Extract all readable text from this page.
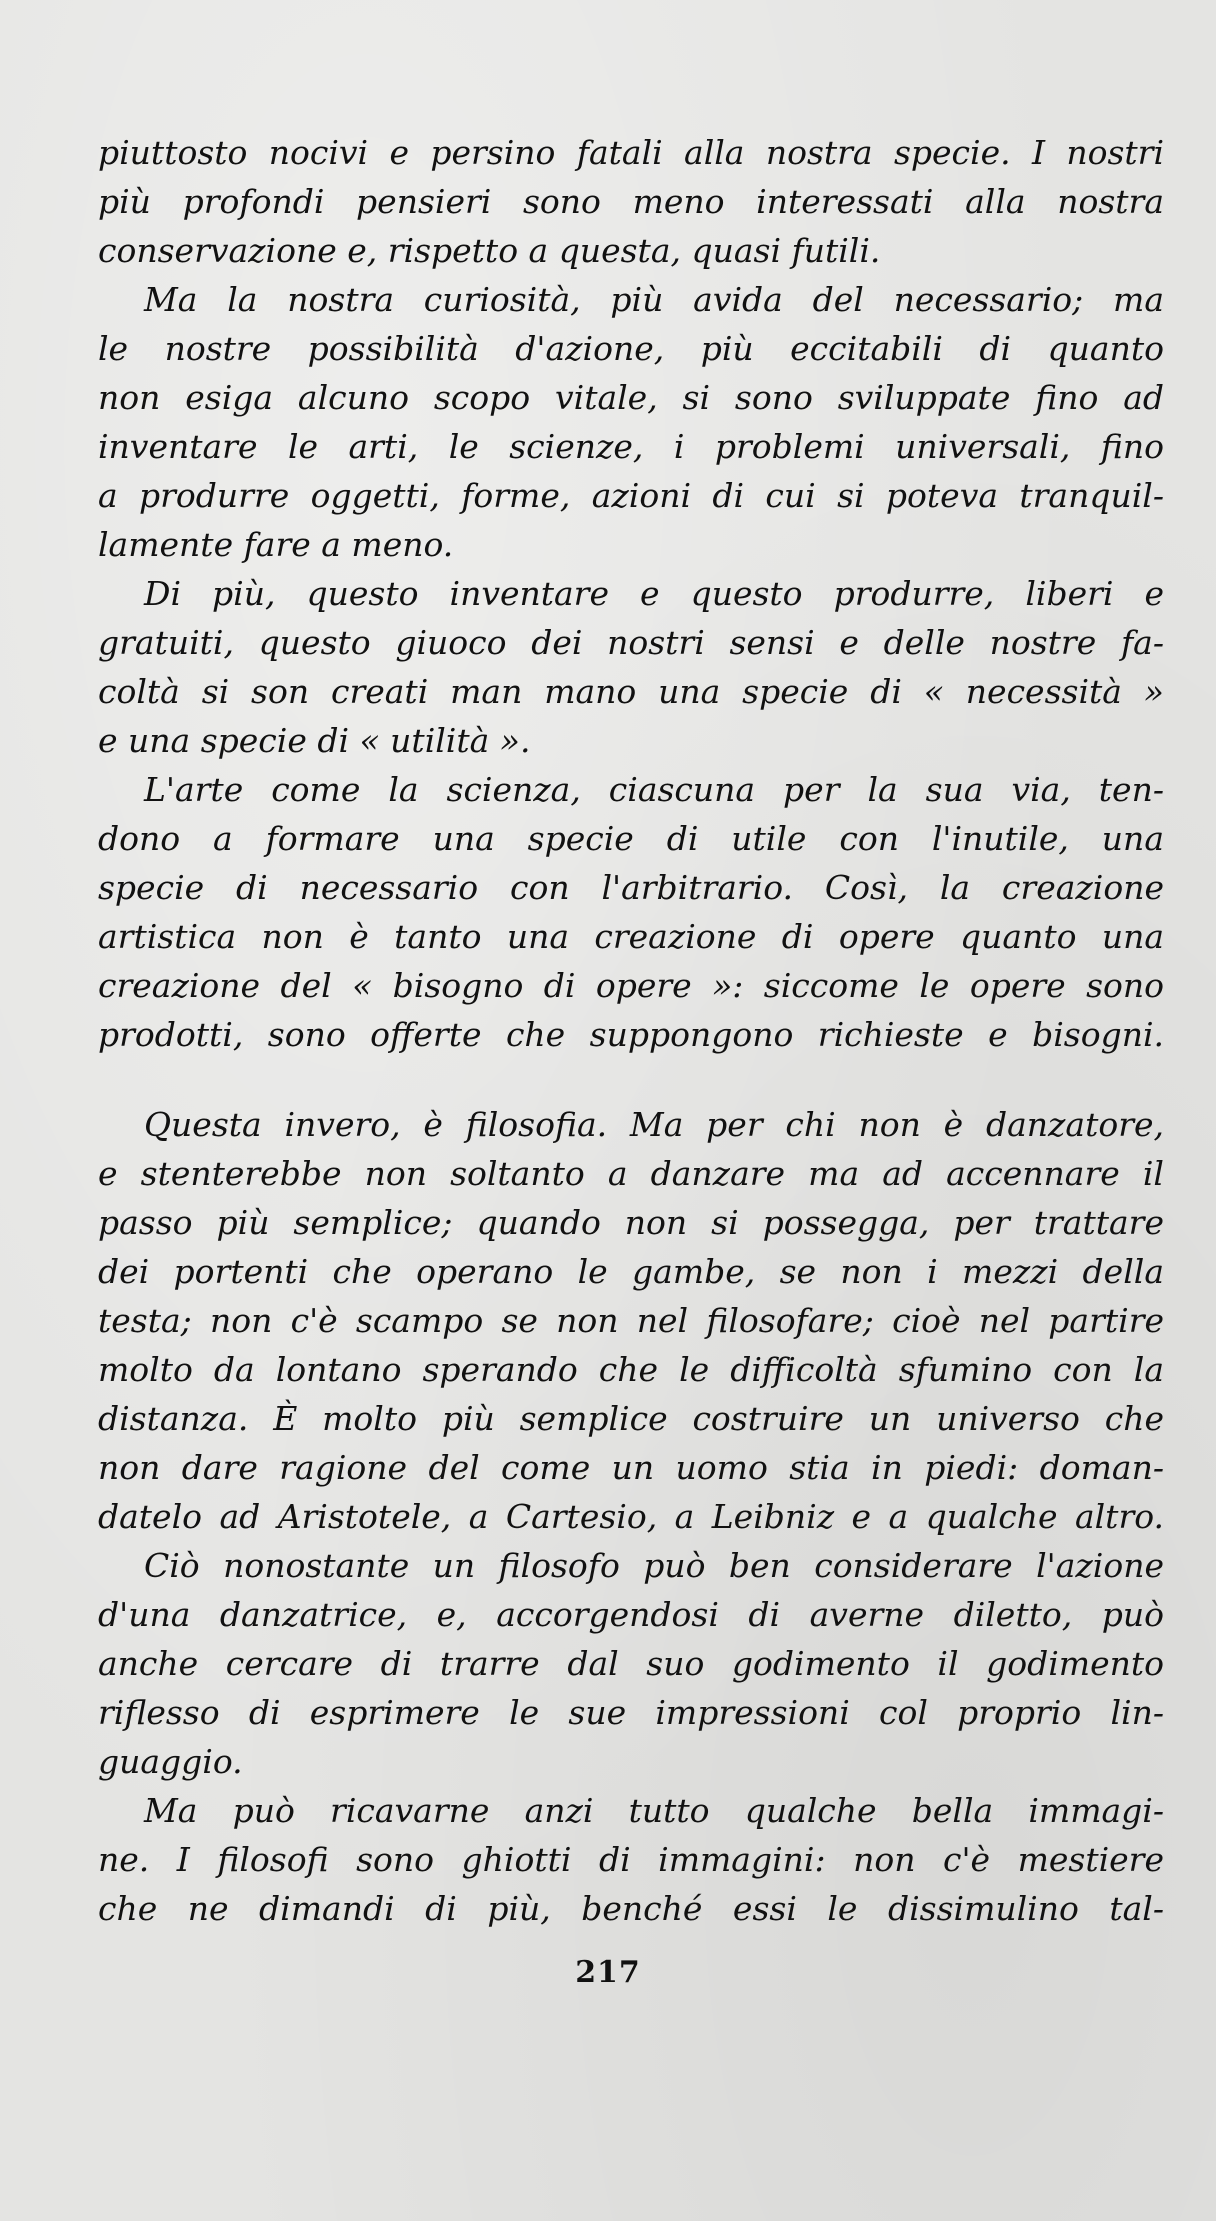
piuttosto nocivi e persino fatali alla nostra specie. I nostri
più profondi pensieri sono meno interessati alla nostra
conservazione e, rispetto a questa, quasi futili.
Ma la nostra curiosità, più avida del necessario; ma
le nostre possibilità d'azione, più eccitabili di quanto
non esiga alcuno scopo vitale, si sono sviluppate fino ad
inventare le arti, le scienze, i problemi universali, fino
a produrre oggetti, forme, azioni di cui si poteva tranquil-
lamente fare a meno.
Di più, questo inventare e questo produrre, liberi e
gratuiti, questo giuoco dei nostri sensi e delle nostre fa-
coltà si son creati man mano una specie di « necessità »
e una specie di « utilità ».
L'arte come la scienza, ciascuna per la sua via, ten-
dono a formare una specie di utile con l'inutile, una
specie di necessario con l'arbitrario. Così, la creazione
artistica non è tanto una creazione di opere quanto una
creazione del « bisogno di opere »: siccome le opere sono
prodotti, sono offerte che suppongono richieste e bisogni.
Questa invero, è filosofia. Ma per chi non è danzatore,
e stenterebbe non soltanto a danzare ma ad accennare il
passo più semplice; quando non si possegga, per trattare
dei portenti che operano le gambe, se non i mezzi della
testa; non c'è scampo se non nel filosofare; cioè nel partire
molto da lontano sperando che le difficoltà sfumino con la
distanza. È molto più semplice costruire un universo che
non dare ragione del come un uomo stia in piedi: doman-
datelo ad Aristotele, a Cartesio, a Leibniz e a qualche altro.
Ciò nonostante un filosofo può ben considerare l'azione
d'una danzatrice, e, accorgendosi di averne diletto, può
anche cercare di trarre dal suo godimento il godimento
riflesso di esprimere le sue impressioni col proprio lin-
guaggio.
Ma può ricavarne anzi tutto qualche bella immagi-
ne. I filosofi sono ghiotti di immagini: non c'è mestiere
che ne dimandi di più, benché essi le dissimulino tal-
217
